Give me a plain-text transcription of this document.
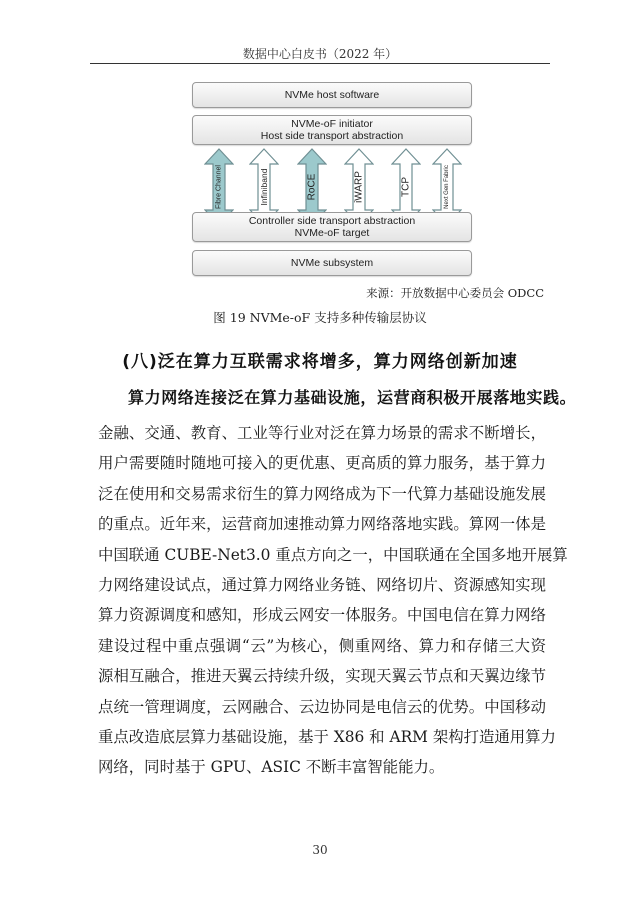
数据中心白皮书（2022 年）
NVMe host software
NVMe-oF initiator
Host side transport abstraction
Fibre Channel	Infiniband	RoCE	iWARP	TCP	Next Gen Fabric
Controller side transport abstraction
NVMe-oF target
NVMe subsystem
来源：开放数据中心委员会 ODCC
图 19 NVMe-oF 支持多种传输层协议
(八)泛在算力互联需求将增多，算力网络创新加速
算力网络连接泛在算力基础设施，运营商积极开展落地实践。
金融、交通、教育、工业等行业对泛在算力场景的需求不断增长，
用户需要随时随地可接入的更优惠、更高质的算力服务，基于算力
泛在使用和交易需求衍生的算力网络成为下一代算力基础设施发展
的重点。近年来，运营商加速推动算力网络落地实践。算网一体是
中国联通 CUBE-Net3.0 重点方向之一，中国联通在全国多地开展算
力网络建设试点，通过算力网络业务链、网络切片、资源感知实现
算力资源调度和感知，形成云网安一体服务。中国电信在算力网络
建设过程中重点强调“云”为核心，侧重网络、算力和存储三大资
源相互融合，推进天翼云持续升级，实现天翼云节点和天翼边缘节
点统一管理调度，云网融合、云边协同是电信云的优势。中国移动
重点改造底层算力基础设施，基于 X86 和 ARM 架构打造通用算力
网络，同时基于 GPU、ASIC 不断丰富智能能力。
30
